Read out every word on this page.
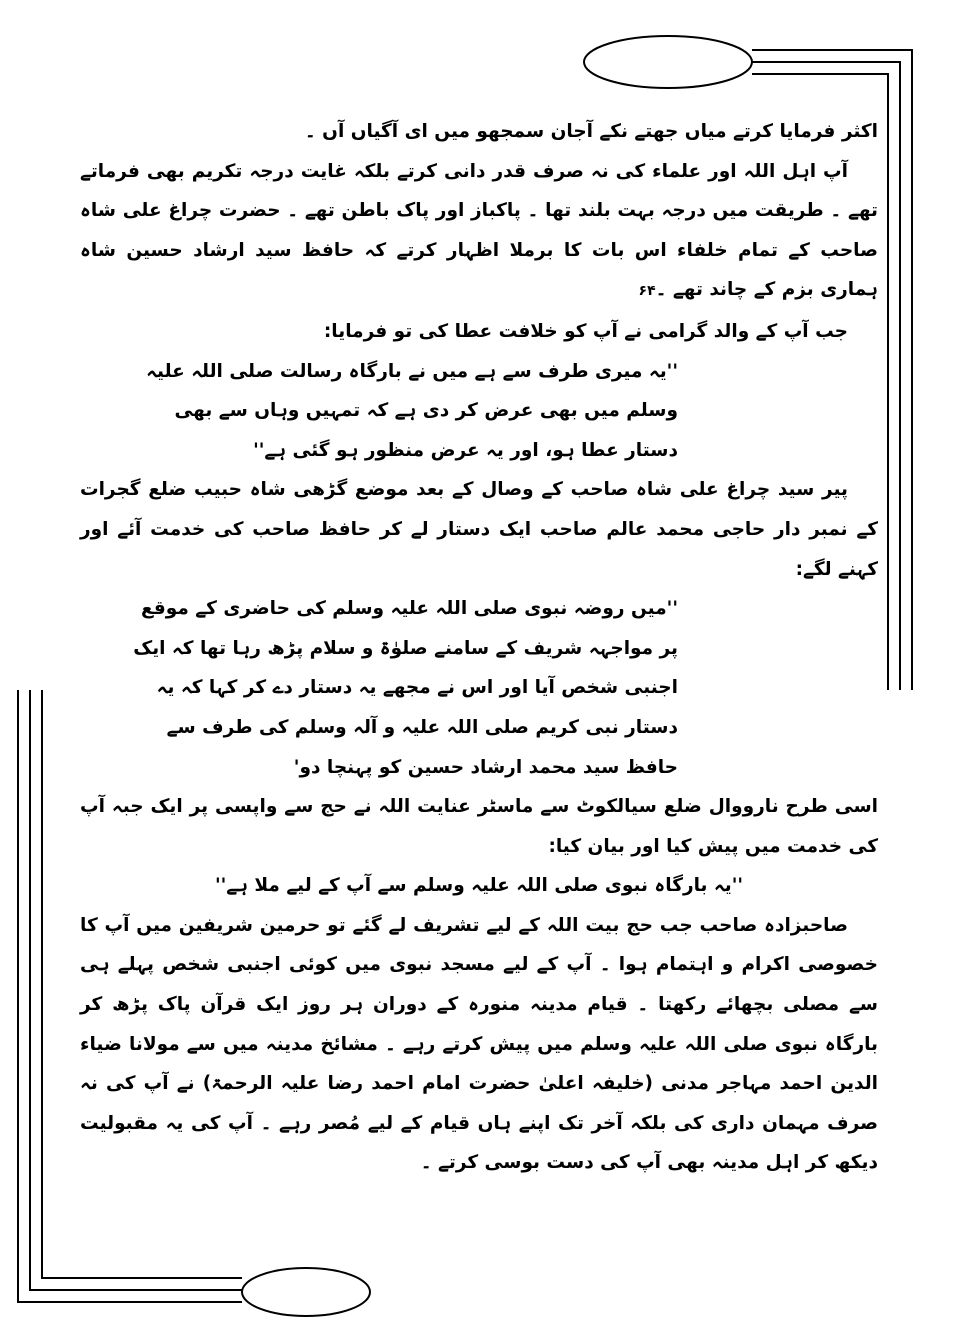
اکثر فرمایا کرتے میاں جھتے نکے آجان سمجھو میں ای آگیاں آں ۔

آپ اہل اللہ اور علماء کی نہ صرف قدر دانی کرتے بلکہ غایت درجہ تکریم بھی فرماتے تھے ۔ طریقت میں درجہ بہت بلند تھا ۔ پاکباز اور پاک باطن تھے ۔ حضرت چراغ علی شاہ صاحب کے تمام خلفاء اس بات کا برملا اظہار کرتے کہ حافظ سید ارشاد حسین شاہ ہماری بزم کے چاند تھے ۔۶۴

جب آپ کے والد گرامی نے آپ کو خلافت عطا کی تو فرمایا:

''یہ میری طرف سے ہے میں نے بارگاہ رسالت صلی اللہ علیہ وسلم میں بھی عرض کر دی ہے کہ تمہیں وہاں سے بھی دستار عطا ہو، اور یہ عرض منظور ہو گئی ہے''

پیر سید چراغ علی شاہ صاحب کے وصال کے بعد موضع گڑھی شاہ حبیب ضلع گجرات کے نمبر دار حاجی محمد عالم صاحب ایک دستار لے کر حافظ صاحب کی خدمت آئے اور کہنے لگے:

''میں روضہ نبوی صلی اللہ علیہ وسلم کی حاضری کے موقع پر مواجہہ شریف کے سامنے صلوٰۃ و سلام پڑھ رہا تھا کہ ایک اجنبی شخص آیا اور اس نے مجھے یہ دستار دے کر کہا کہ یہ دستار نبی کریم صلی اللہ علیہ و آلہ وسلم کی طرف سے حافظ سید محمد ارشاد حسین کو پہنچا دو'

اسی طرح نارووال ضلع سیالکوٹ سے ماسٹر عنایت اللہ نے حج سے واپسی پر ایک جبہ آپ کی خدمت میں پیش کیا اور بیان کیا:

''یہ بارگاہ نبوی صلی اللہ علیہ وسلم سے آپ کے لیے ملا ہے''

صاحبزادہ صاحب جب حج بیت اللہ کے لیے تشریف لے گئے تو حرمین شریفین میں آپ کا خصوصی اکرام و اہتمام ہوا ۔ آپ کے لیے مسجد نبوی میں کوئی اجنبی شخص پہلے ہی سے مصلی بچھائے رکھتا ۔ قیام مدینہ منورہ کے دوران ہر روز ایک قرآن پاک پڑھ کر بارگاہ نبوی صلی اللہ علیہ وسلم میں پیش کرتے رہے ۔ مشائخ مدینہ میں سے مولانا ضیاء الدین احمد مہاجر مدنی (خلیفہ اعلیٰ حضرت امام احمد رضا علیہ الرحمۃ) نے آپ کی نہ صرف مہمان داری کی بلکہ آخر تک اپنے ہاں قیام کے لیے مُصر رہے ۔ آپ کی یہ مقبولیت دیکھ کر اہل مدینہ بھی آپ کی دست بوسی کرتے ۔
